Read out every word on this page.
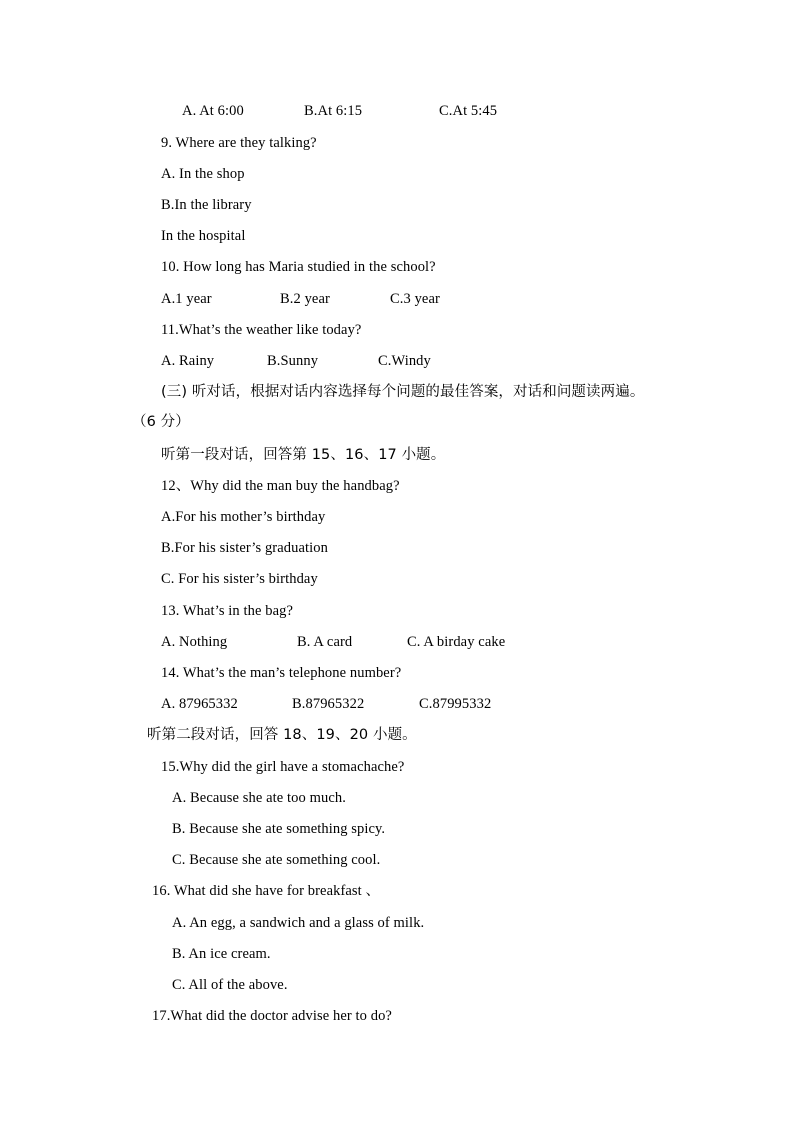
A. At 6:00	B.At 6:15	C.At 5:45
9. Where are they talking?
A. In the shop
B.In the library
In the hospital
10. How long has Maria studied in the school?
A.1 year	B.2 year	C.3 year
11.What’s the weather like today?
A. Rainy	B.Sunny	C.Windy
(三) 听对话，根据对话内容选择每个问题的最佳答案，对话和问题读两遍。
（6 分）
听第一段对话，回答第 15、16、17 小题。
12、Why did the man buy the handbag?
A.For his mother’s birthday
B.For his sister’s graduation
C. For his sister’s birthday
13. What’s in the bag?
A. Nothing	B. A card	C. A birday cake
14. What’s the man’s telephone number?
A. 87965332	B.87965322	C.87995332
听第二段对话，回答 18、19、20 小题。
15.Why did the girl have a stomachache?
A. Because she ate too much.
B. Because she ate something spicy.
C. Because she ate something cool.
16. What did she have for breakfast 、
A. An egg, a sandwich and a glass of milk.
B. An ice cream.
C. All of the above.
17.What did the doctor advise her to do?
